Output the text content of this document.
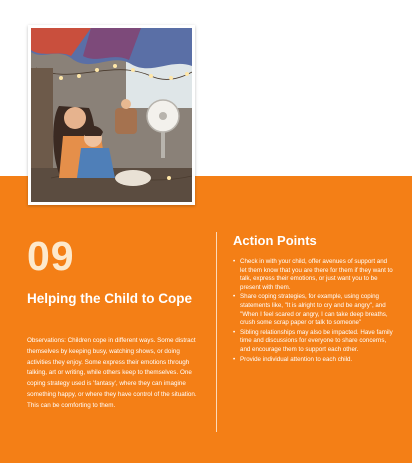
09
Helping the Child to Cope
Observations: Children cope in different ways. Some distract themselves by keeping busy, watching shows, or doing activities they enjoy. Some express their emotions through talking, art or writing, while others keep to themselves. One coping strategy used is 'fantasy', where they can imagine something happy, or where they have control of the situation. This can be comforting to them.
Action Points
• Check in with your child, offer avenues of support and let them know that you are there for them if they want to talk, express their emotions, or just want you to be present with them.
• Share coping strategies, for example, using coping statements like, "It is alright to cry and be angry", and "When I feel scared or angry, I can take deep breaths, crush some scrap paper or talk to someone"
• Sibling relationships may also be impacted. Have family time and discussions for everyone to share concerns, and encourage them to support each other.
• Provide individual attention to each child.
